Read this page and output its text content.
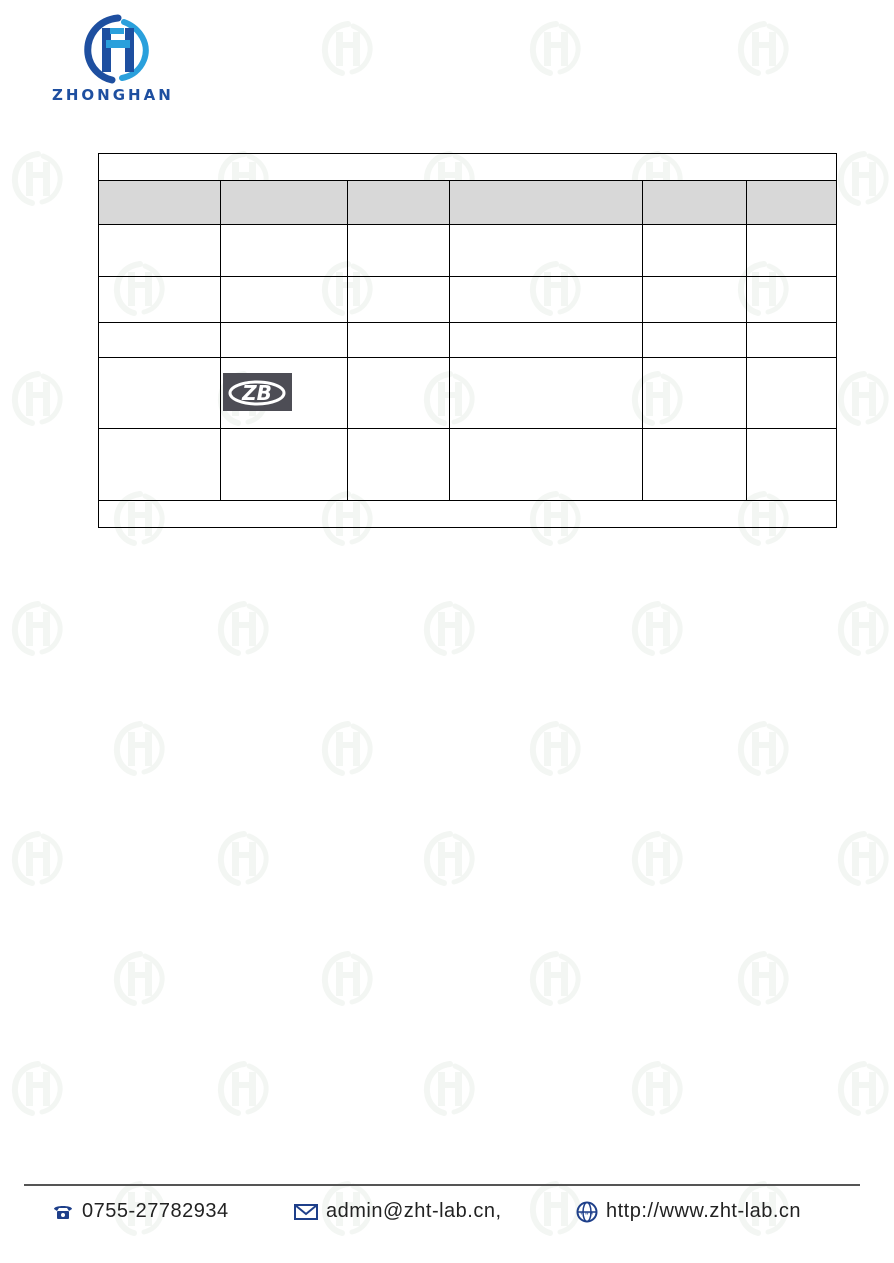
ZHONGHAN

ZB				

0755-27782934	admin@zht-lab.cn,	www http://www.zht-lab.cn
